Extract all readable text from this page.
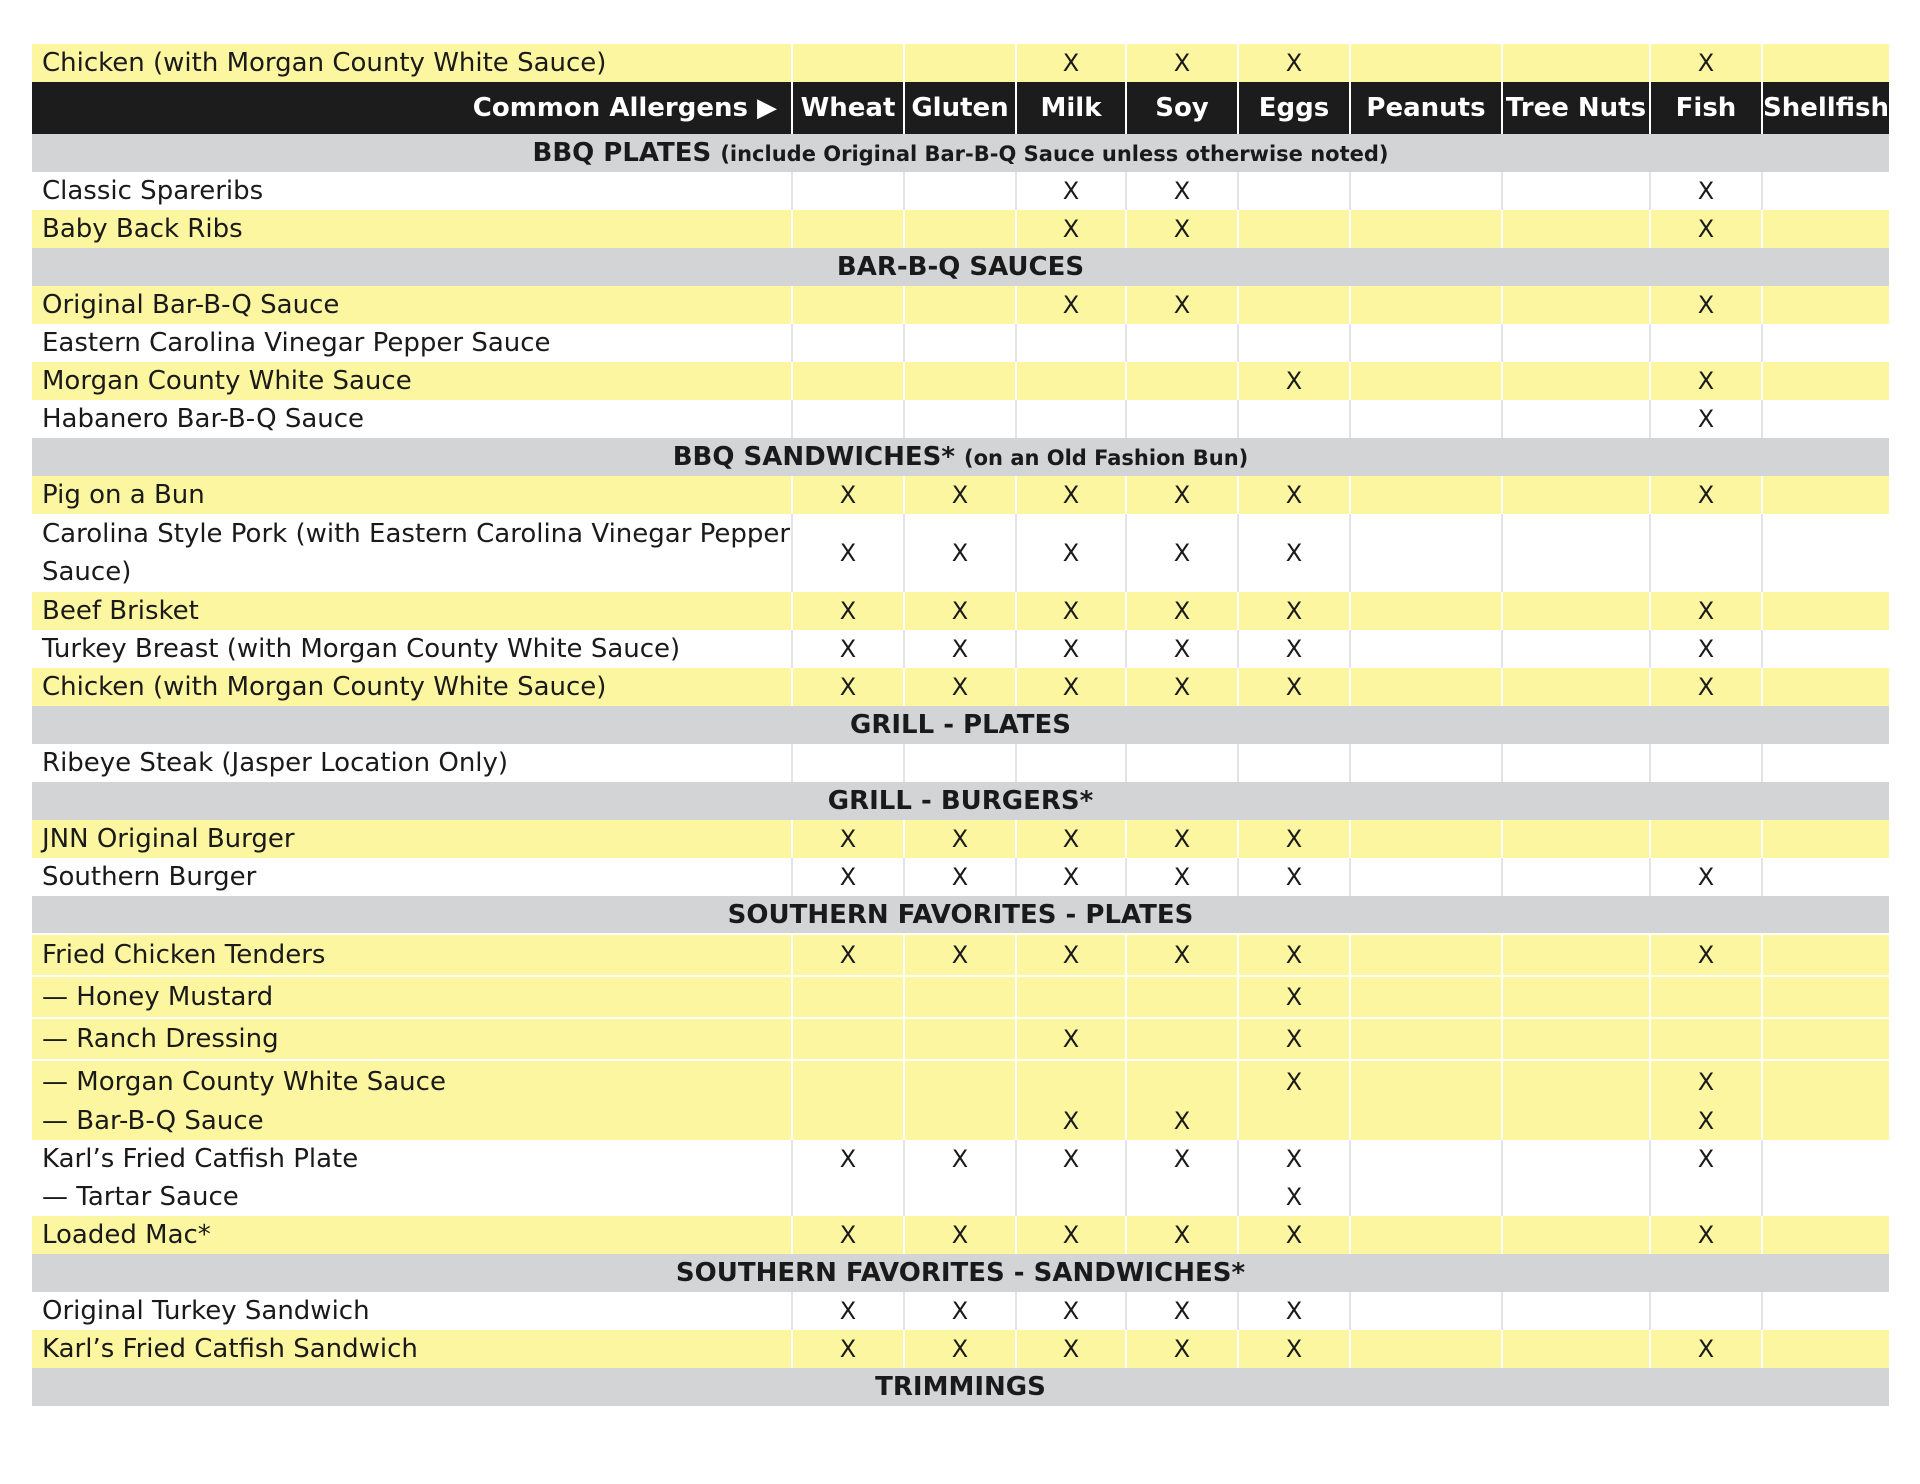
Chicken (with Morgan County White Sauce)			X	X	X			X	
Common Allergens ▶	Wheat	Gluten	Milk	Soy	Eggs	Peanuts	Tree Nuts	Fish	Shellfish
BBQ PLATES (include Original Bar-B-Q Sauce unless otherwise noted)									
Classic Spareribs			X	X				X	
Baby Back Ribs			X	X				X	
BAR-B-Q SAUCES									
Original Bar-B-Q Sauce			X	X				X	
Eastern Carolina Vinegar Pepper Sauce									
Morgan County White Sauce					X			X	
Habanero Bar-B-Q Sauce								X	
BBQ SANDWICHES* (on an Old Fashion Bun)									
Pig on a Bun	X	X	X	X	X			X	
Carolina Style Pork (with Eastern Carolina Vinegar Pepper Sauce)	X	X	X	X	X				
Beef Brisket	X	X	X	X	X			X	
Turkey Breast (with Morgan County White Sauce)	X	X	X	X	X			X	
Chicken (with Morgan County White Sauce)	X	X	X	X	X			X	
GRILL - PLATES									
Ribeye Steak (Jasper Location Only)									
GRILL - BURGERS*									
JNN Original Burger	X	X	X	X	X				
Southern Burger	X	X	X	X	X			X	
SOUTHERN FAVORITES - PLATES									
Fried Chicken Tenders	X	X	X	X	X			X	
— Honey Mustard					X				
— Ranch Dressing			X		X				
— Morgan County White Sauce					X			X	
— Bar-B-Q Sauce			X	X				X	
Karl’s Fried Catfish Plate	X	X	X	X	X			X	
— Tartar Sauce					X				
Loaded Mac*	X	X	X	X	X			X	
SOUTHERN FAVORITES - SANDWICHES*									
Original Turkey Sandwich	X	X	X	X	X				
Karl’s Fried Catfish Sandwich	X	X	X	X	X			X	
TRIMMINGS									
